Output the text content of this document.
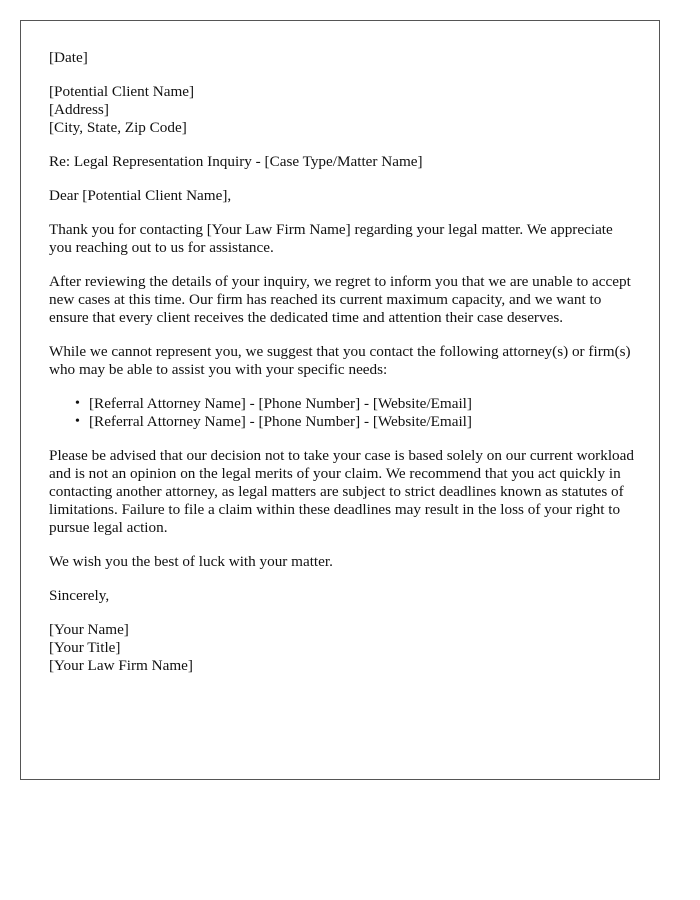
[Date]
[Potential Client Name]
[Address]
[City, State, Zip Code]

Re: Legal Representation Inquiry - [Case Type/Matter Name]

Dear [Potential Client Name],

Thank you for contacting [Your Law Firm Name] regarding your legal matter. We appreciate you reaching out to us for assistance.

After reviewing the details of your inquiry, we regret to inform you that we are unable to accept new cases at this time. Our firm has reached its current maximum capacity, and we want to ensure that every client receives the dedicated time and attention their case deserves.

While we cannot represent you, we suggest that you contact the following attorney(s) or firm(s) who may be able to assist you with your specific needs:

• [Referral Attorney Name] - [Phone Number] - [Website/Email]
• [Referral Attorney Name] - [Phone Number] - [Website/Email]

Please be advised that our decision not to take your case is based solely on our current workload and is not an opinion on the legal merits of your claim. We recommend that you act quickly in contacting another attorney, as legal matters are subject to strict deadlines known as statutes of limitations. Failure to file a claim within these deadlines may result in the loss of your right to pursue legal action.

We wish you the best of luck with your matter.

Sincerely,

[Your Name]
[Your Title]
[Your Law Firm Name]
